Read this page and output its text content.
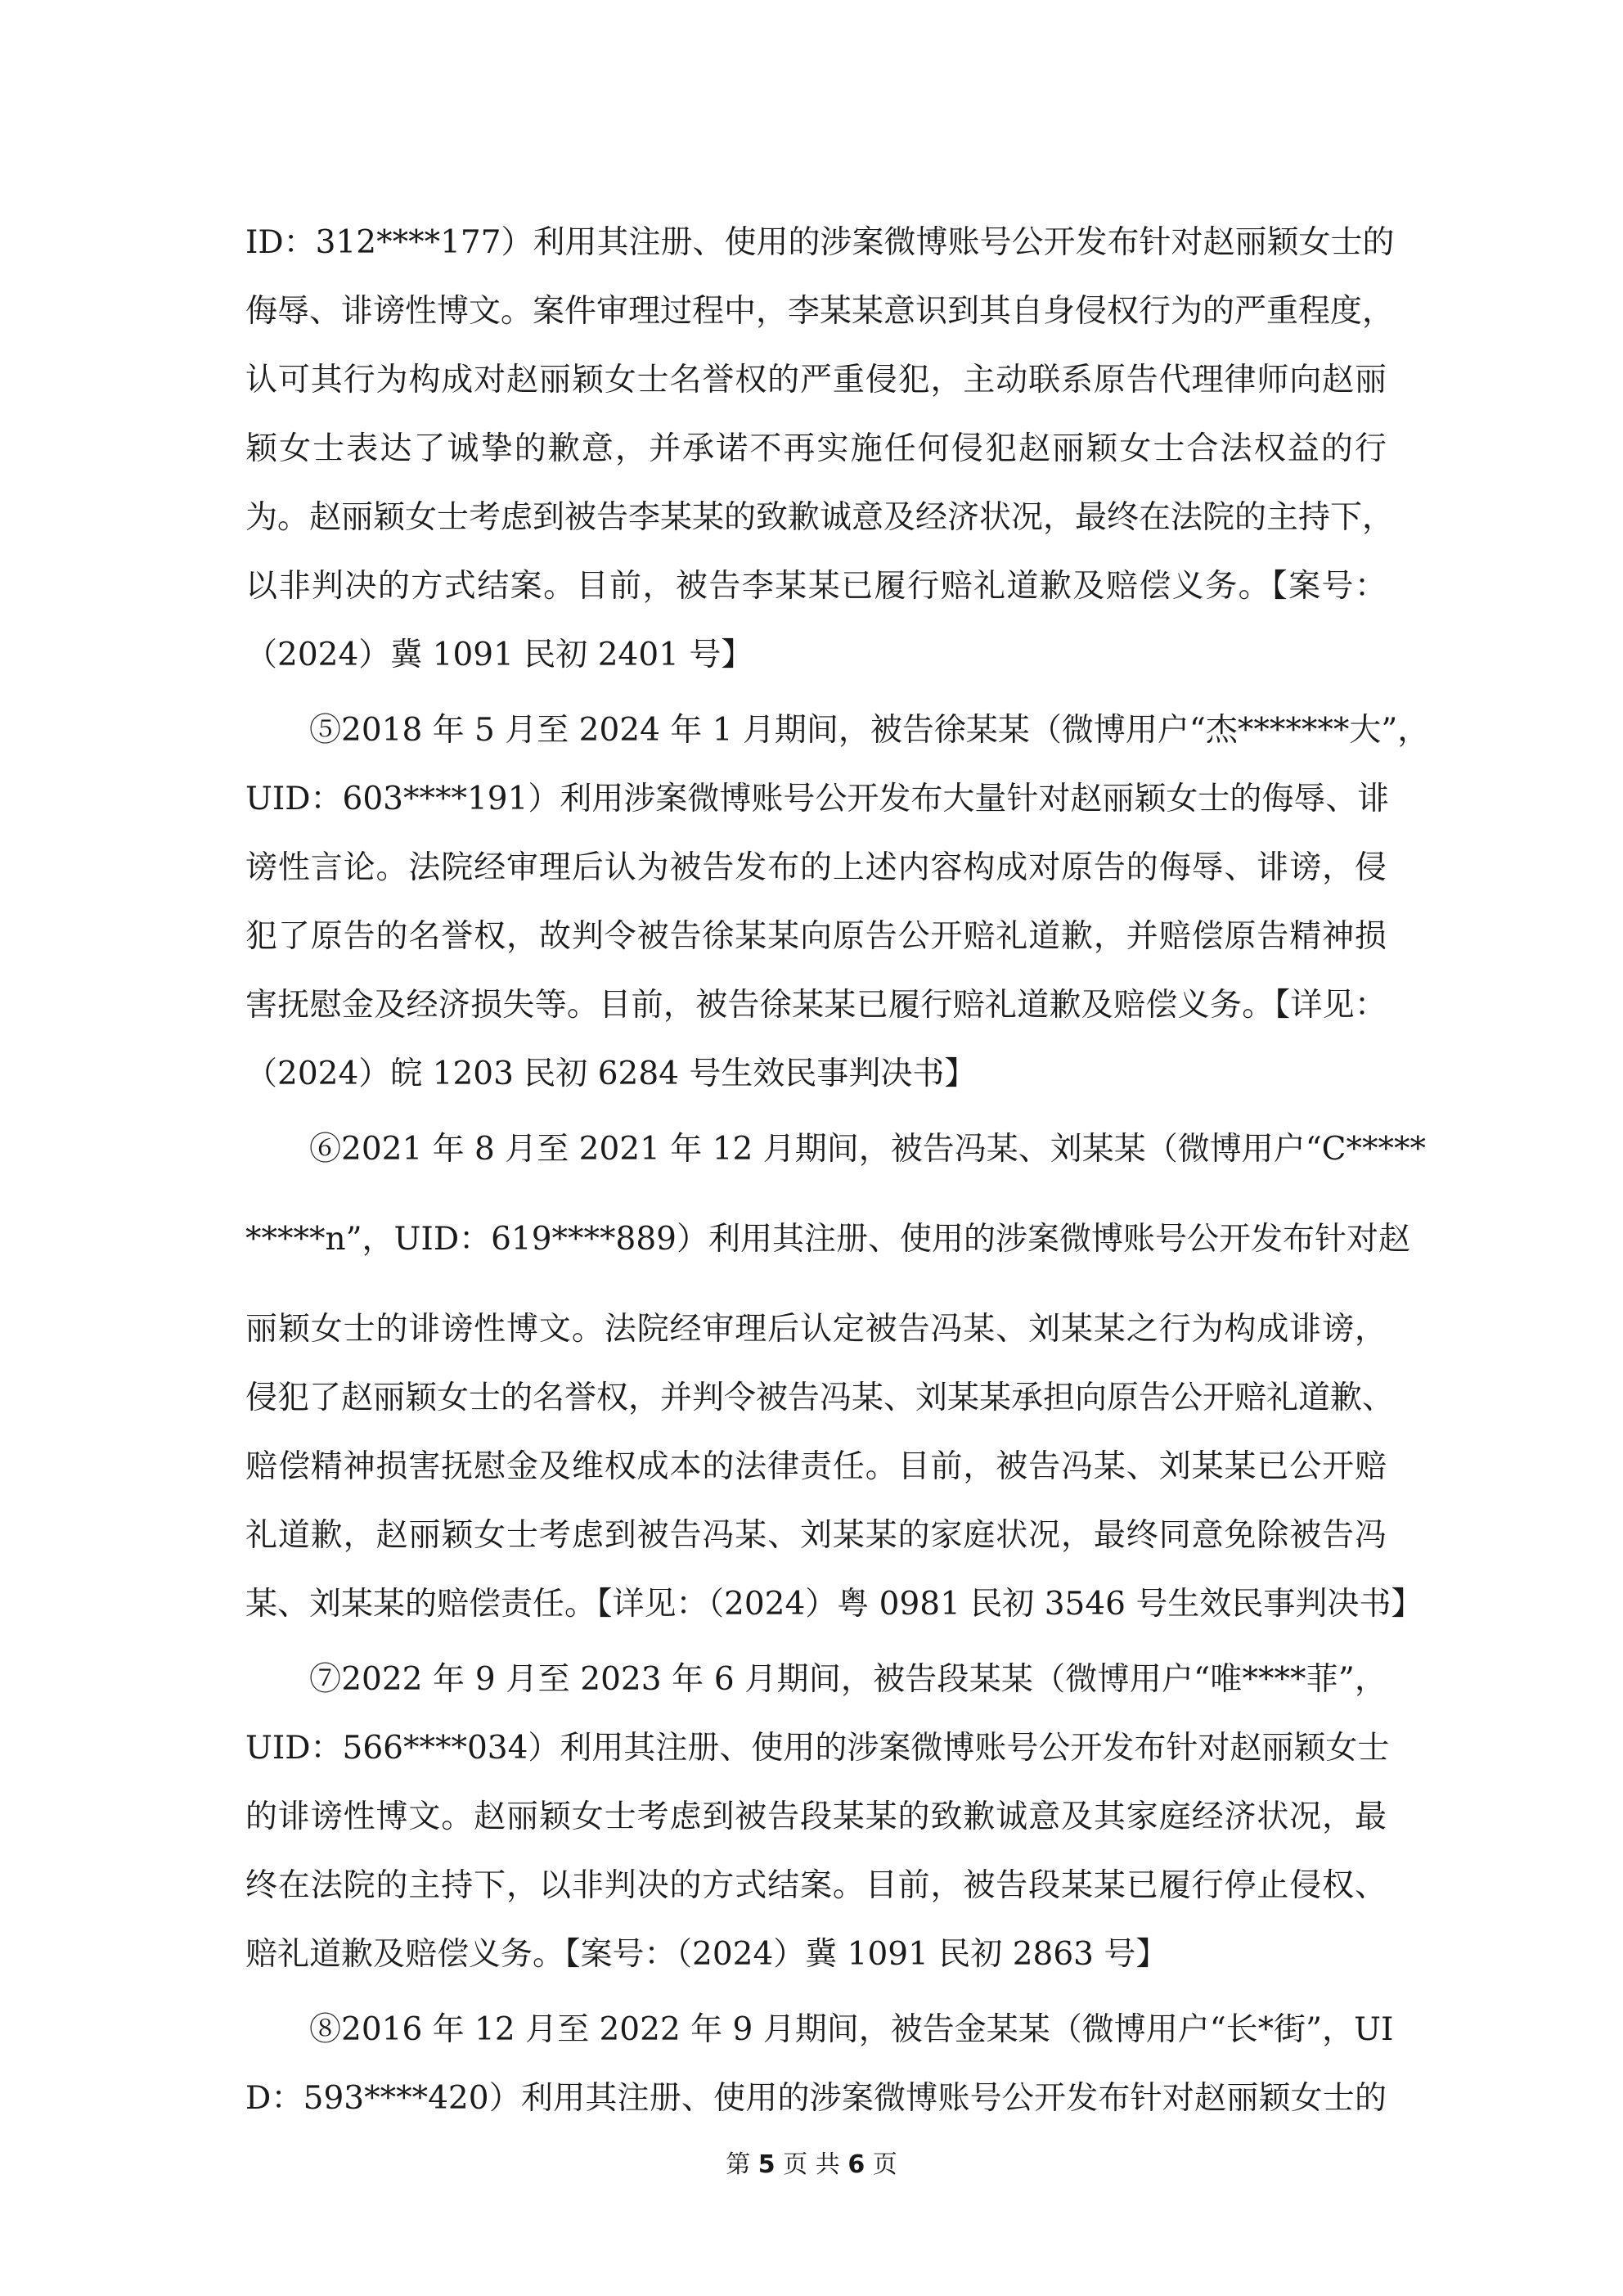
ID：312****177）利用其注册、使用的涉案微博账号公开发布针对赵丽颖女士的
侮辱、诽谤性博文。案件审理过程中，李某某意识到其自身侵权行为的严重程度，
认可其行为构成对赵丽颖女士名誉权的严重侵犯，主动联系原告代理律师向赵丽
颖女士表达了诚挚的歉意，并承诺不再实施任何侵犯赵丽颖女士合法权益的行
为。赵丽颖女士考虑到被告李某某的致歉诚意及经济状况，最终在法院的主持下，
以非判决的方式结案。目前，被告李某某已履行赔礼道歉及赔偿义务。【案号：
（2024）冀 1091 民初 2401 号】
⑤2018 年 5 月至 2024 年 1 月期间，被告徐某某（微博用户“杰*******大”，
UID：603****191）利用涉案微博账号公开发布大量针对赵丽颖女士的侮辱、诽
谤性言论。法院经审理后认为被告发布的上述内容构成对原告的侮辱、诽谤，侵
犯了原告的名誉权，故判令被告徐某某向原告公开赔礼道歉，并赔偿原告精神损
害抚慰金及经济损失等。目前，被告徐某某已履行赔礼道歉及赔偿义务。【详见：
（2024）皖 1203 民初 6284 号生效民事判决书】
⑥2021 年 8 月至 2021 年 12 月期间，被告冯某、刘某某（微博用户“C*****
*****n”，UID：619****889）利用其注册、使用的涉案微博账号公开发布针对赵
丽颖女士的诽谤性博文。法院经审理后认定被告冯某、刘某某之行为构成诽谤，
侵犯了赵丽颖女士的名誉权，并判令被告冯某、刘某某承担向原告公开赔礼道歉、
赔偿精神损害抚慰金及维权成本的法律责任。目前，被告冯某、刘某某已公开赔
礼道歉，赵丽颖女士考虑到被告冯某、刘某某的家庭状况，最终同意免除被告冯
某、刘某某的赔偿责任。【详见：（2024）粤 0981 民初 3546 号生效民事判决书】
⑦2022 年 9 月至 2023 年 6 月期间，被告段某某（微博用户“唯****菲”，
UID：566****034）利用其注册、使用的涉案微博账号公开发布针对赵丽颖女士
的诽谤性博文。赵丽颖女士考虑到被告段某某的致歉诚意及其家庭经济状况，最
终在法院的主持下，以非判决的方式结案。目前，被告段某某已履行停止侵权、
赔礼道歉及赔偿义务。【案号：（2024）冀 1091 民初 2863 号】
⑧2016 年 12 月至 2022 年 9 月期间，被告金某某（微博用户“长*街”，UI
D：593****420）利用其注册、使用的涉案微博账号公开发布针对赵丽颖女士的
第 5 页 共 6 页
